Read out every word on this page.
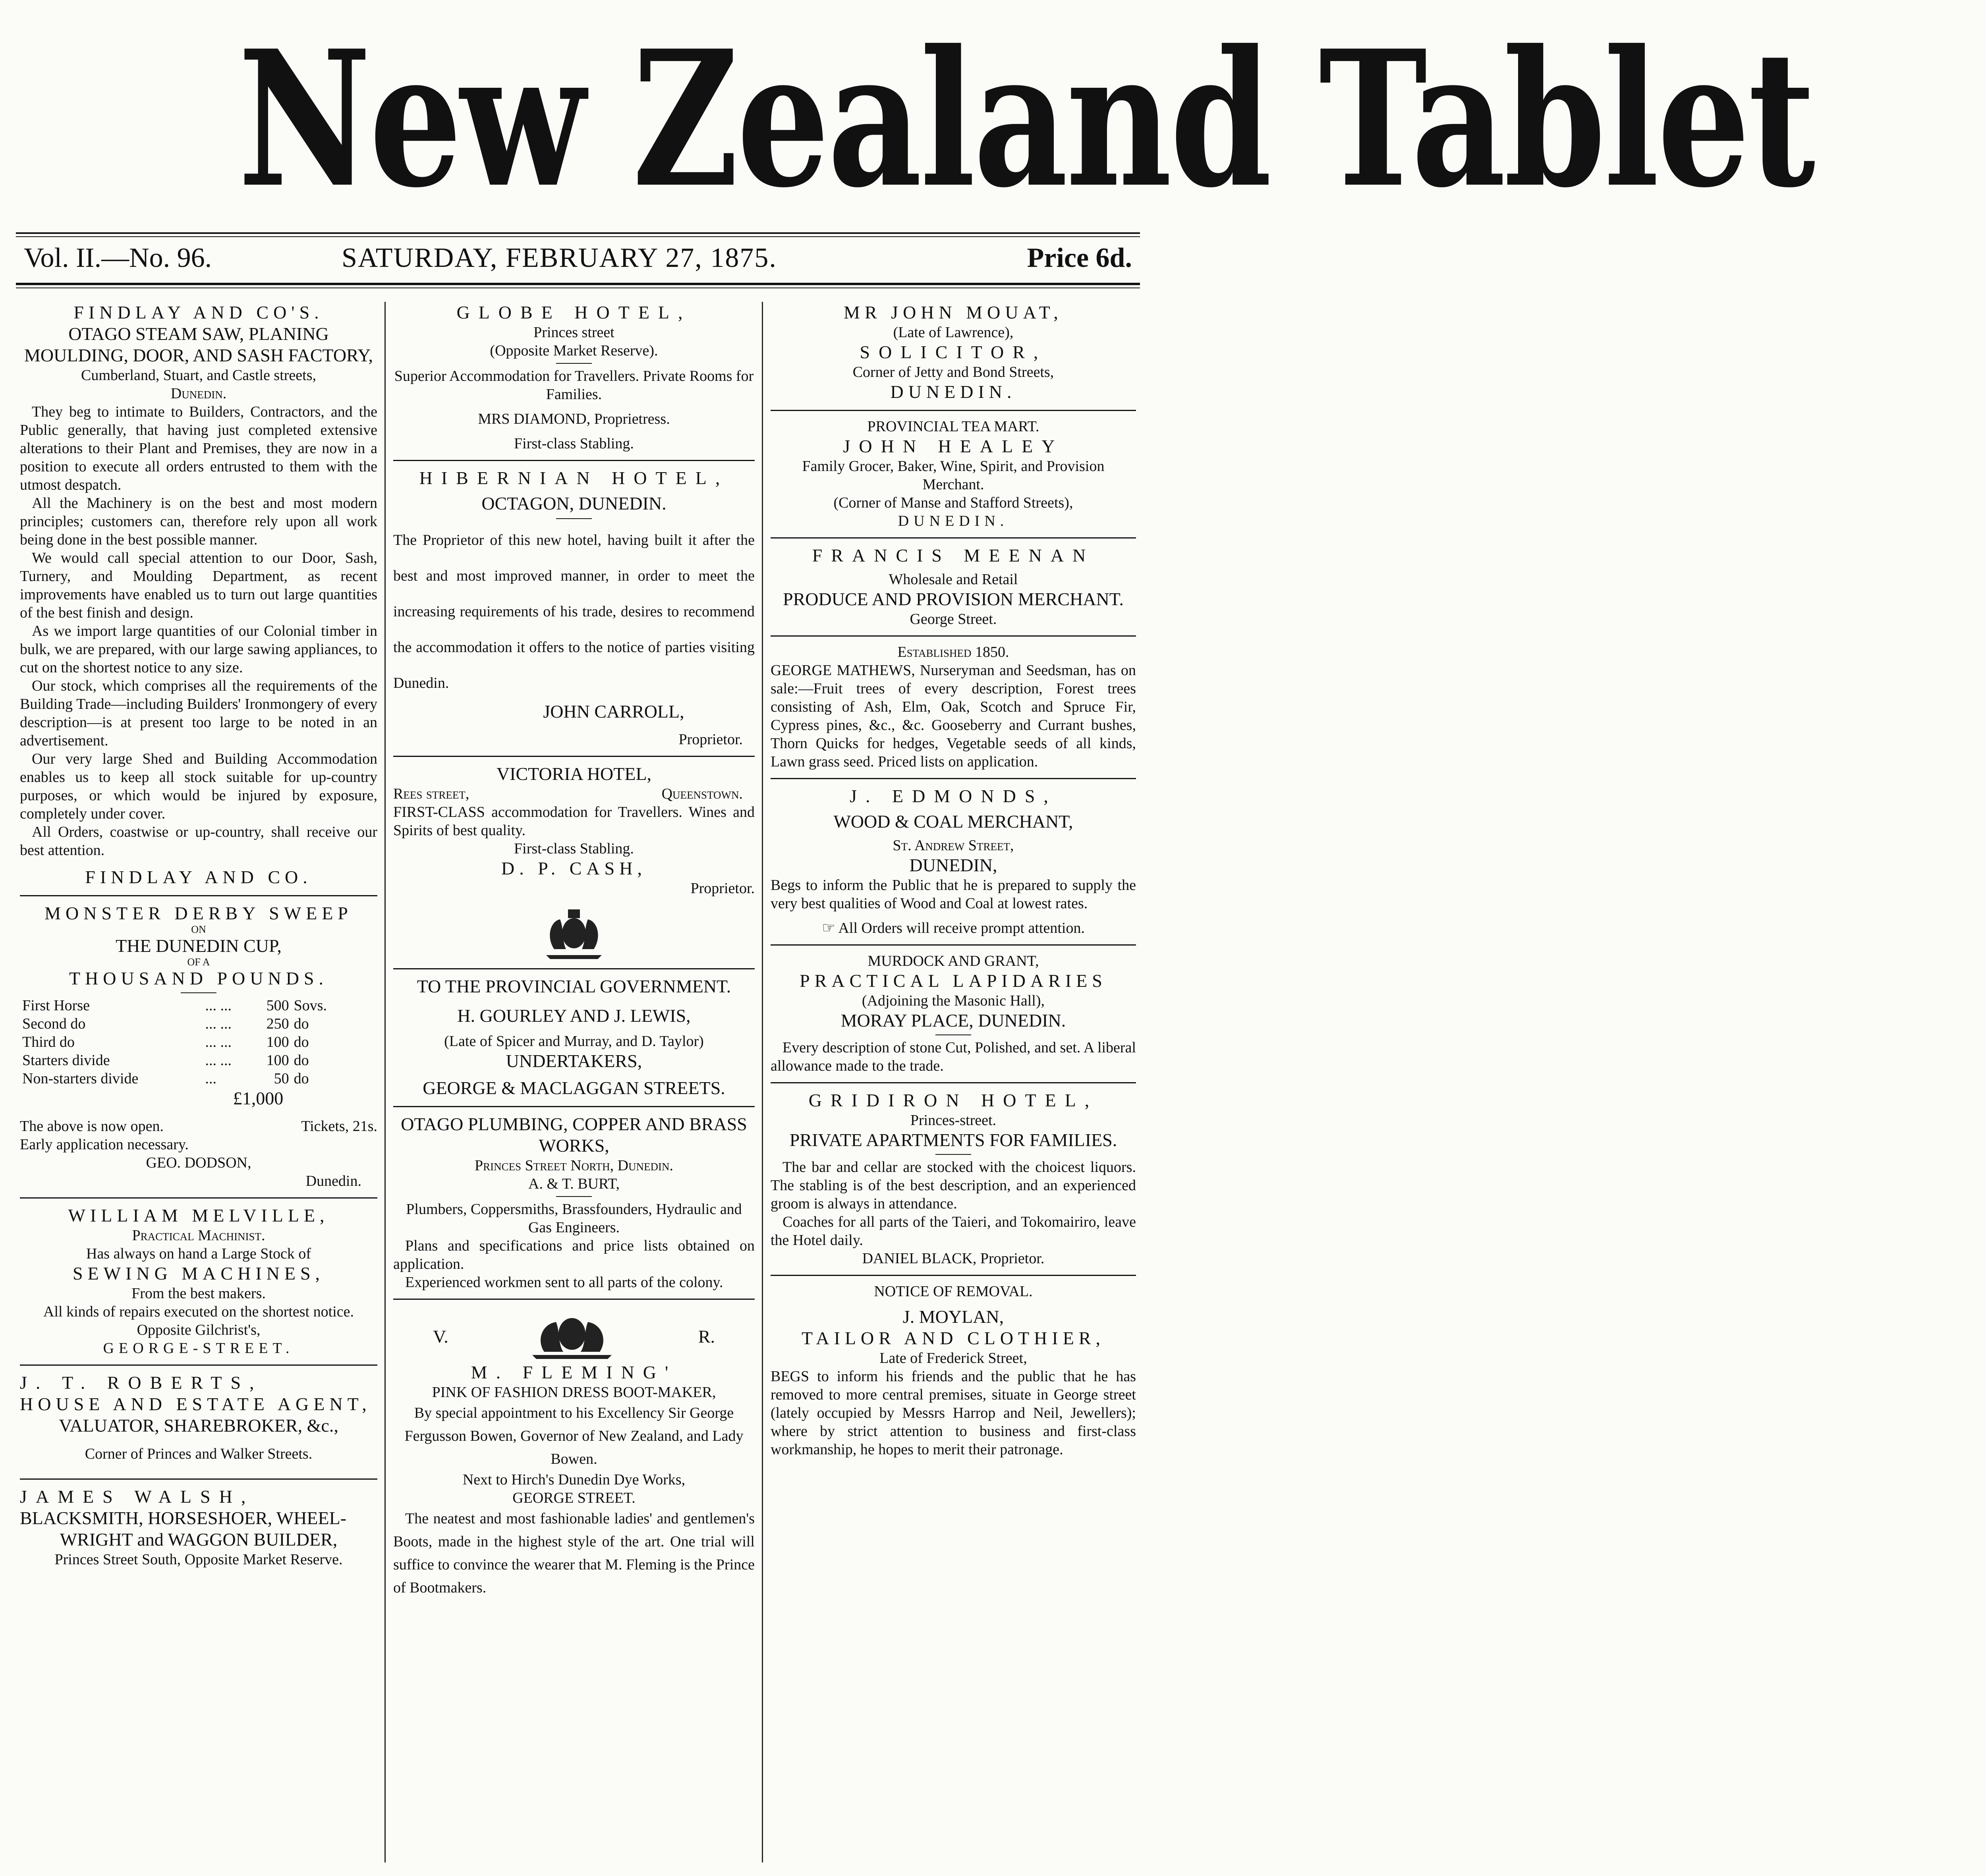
New Zealand Tablet
Vol. II.—No. 96.	SATURDAY, FEBRUARY 27, 1875.	Price 6d.
FINDLAY AND CO'S.
OTAGO STEAM SAW, PLANING MOULDING, DOOR, AND SASH FACTORY,
Cumberland, Stuart, and Castle streets,
Dunedin.
They beg to intimate to Builders, Contractors, and the Public generally, that having just completed extensive alterations to their Plant and Premises, they are now in a position to execute all orders entrusted to them with the utmost despatch.
All the Machinery is on the best and most modern principles; customers can, therefore rely upon all work being done in the best possible manner.
We would call special attention to our Door, Sash, Turnery, and Moulding Department, as recent improvements have enabled us to turn out large quantities of the best finish and design.
As we import large quantities of our Colonial timber in bulk, we are prepared, with our large sawing appliances, to cut on the shortest notice to any size.
Our stock, which comprises all the requirements of the Building Trade—including Builders' Ironmongery of every description—is at present too large to be noted in an advertisement.
Our very large Shed and Building Accommodation enables us to keep all stock suitable for up-country purposes, or which would be injured by exposure, completely under cover.
All Orders, coastwise or up-country, shall receive our best attention.
FINDLAY AND CO.
MONSTER DERBY SWEEP
ON
THE DUNEDIN CUP,
OF A
THOUSAND POUNDS.
First Horse	... ...	500	Sovs.
Second do	... ...	250	do
Third do	... ...	100	do
Starters divide	... ...	100	do
Non-starters divide	...	50	do
£1,000
The above is now open.	Tickets, 21s.
Early application necessary.
GEO. DODSON,
Dunedin.
WILLIAM MELVILLE,
Practical Machinist.
Has always on hand a Large Stock of
SEWING MACHINES,
From the best makers.
All kinds of repairs executed on the shortest notice.
Opposite Gilchrist's,
GEORGE-STREET.
J. T. ROBERTS,
HOUSE AND ESTATE AGENT,
VALUATOR, SHAREBROKER, &c.,
Corner of Princes and Walker Streets.
JAMES WALSH,
BLACKSMITH, HORSESHOER, WHEEL-
WRIGHT and WAGGON BUILDER,
Princes Street South, Opposite Market Reserve.
GLOBE HOTEL,
Princes street
(Opposite Market Reserve).
Superior Accommodation for Travellers. Private Rooms for Families.
MRS DIAMOND, Proprietress.
First-class Stabling.
HIBERNIAN HOTEL,
OCTAGON, DUNEDIN.
The Proprietor of this new hotel, having built it after the best and most improved manner, in order to meet the increasing requirements of his trade, desires to recommend the accommodation it offers to the notice of parties visiting Dunedin.
JOHN CARROLL,
Proprietor.
VICTORIA HOTEL,
Rees street,	Queenstown.
FIRST-CLASS accommodation for Travellers. Wines and Spirits of best quality.
First-class Stabling.
D. P. CASH,
Proprietor.
TO THE PROVINCIAL GOVERNMENT.
H. GOURLEY AND J. LEWIS,
(Late of Spicer and Murray, and D. Taylor)
UNDERTAKERS,
GEORGE & MACLAGGAN STREETS.
OTAGO PLUMBING, COPPER AND BRASS WORKS,
Princes Street North, Dunedin.
A. & T. BURT,
Plumbers, Coppersmiths, Brassfounders, Hydraulic and Gas Engineers.
Plans and specifications and price lists obtained on application.
Experienced workmen sent to all parts of the colony.
V.	R.
M. FLEMING'
PINK OF FASHION DRESS BOOT-MAKER,
By special appointment to his Excellency Sir George Fergusson Bowen, Governor of New Zealand, and Lady Bowen.
Next to Hirch's Dunedin Dye Works,
GEORGE STREET.
The neatest and most fashionable ladies' and gentlemen's Boots, made in the highest style of the art. One trial will suffice to convince the wearer that M. Fleming is the Prince of Bootmakers.
MR JOHN MOUAT,
(Late of Lawrence),
SOLICITOR,
Corner of Jetty and Bond Streets,
DUNEDIN.
PROVINCIAL TEA MART.
JOHN HEALEY
Family Grocer, Baker, Wine, Spirit, and Provision Merchant.
(Corner of Manse and Stafford Streets),
DUNEDIN.
FRANCIS MEENAN
Wholesale and Retail
PRODUCE AND PROVISION MERCHANT.
George Street.
Established 1850.
GEORGE MATHEWS, Nurseryman and Seedsman, has on sale:—Fruit trees of every description, Forest trees consisting of Ash, Elm, Oak, Scotch and Spruce Fir, Cypress pines, &c., &c. Gooseberry and Currant bushes, Thorn Quicks for hedges, Vegetable seeds of all kinds, Lawn grass seed. Priced lists on application.
J. EDMONDS,
WOOD & COAL MERCHANT,
St. Andrew Street,
DUNEDIN,
Begs to inform the Public that he is prepared to supply the very best qualities of Wood and Coal at lowest rates.
☞ All Orders will receive prompt attention.
MURDOCK AND GRANT,
PRACTICAL LAPIDARIES
(Adjoining the Masonic Hall),
MORAY PLACE, DUNEDIN.
Every description of stone Cut, Polished, and set. A liberal allowance made to the trade.
GRIDIRON HOTEL,
Princes-street.
PRIVATE APARTMENTS FOR FAMILIES.
The bar and cellar are stocked with the choicest liquors. The stabling is of the best description, and an experienced groom is always in attendance.
Coaches for all parts of the Taieri, and Tokomairiro, leave the Hotel daily.
DANIEL BLACK, Proprietor.
NOTICE OF REMOVAL.
J. MOYLAN,
TAILOR AND CLOTHIER,
Late of Frederick Street,
BEGS to inform his friends and the public that he has removed to more central premises, situate in George street (lately occupied by Messrs Harrop and Neil, Jewellers); where by strict attention to business and first-class workmanship, he hopes to merit their patronage.
